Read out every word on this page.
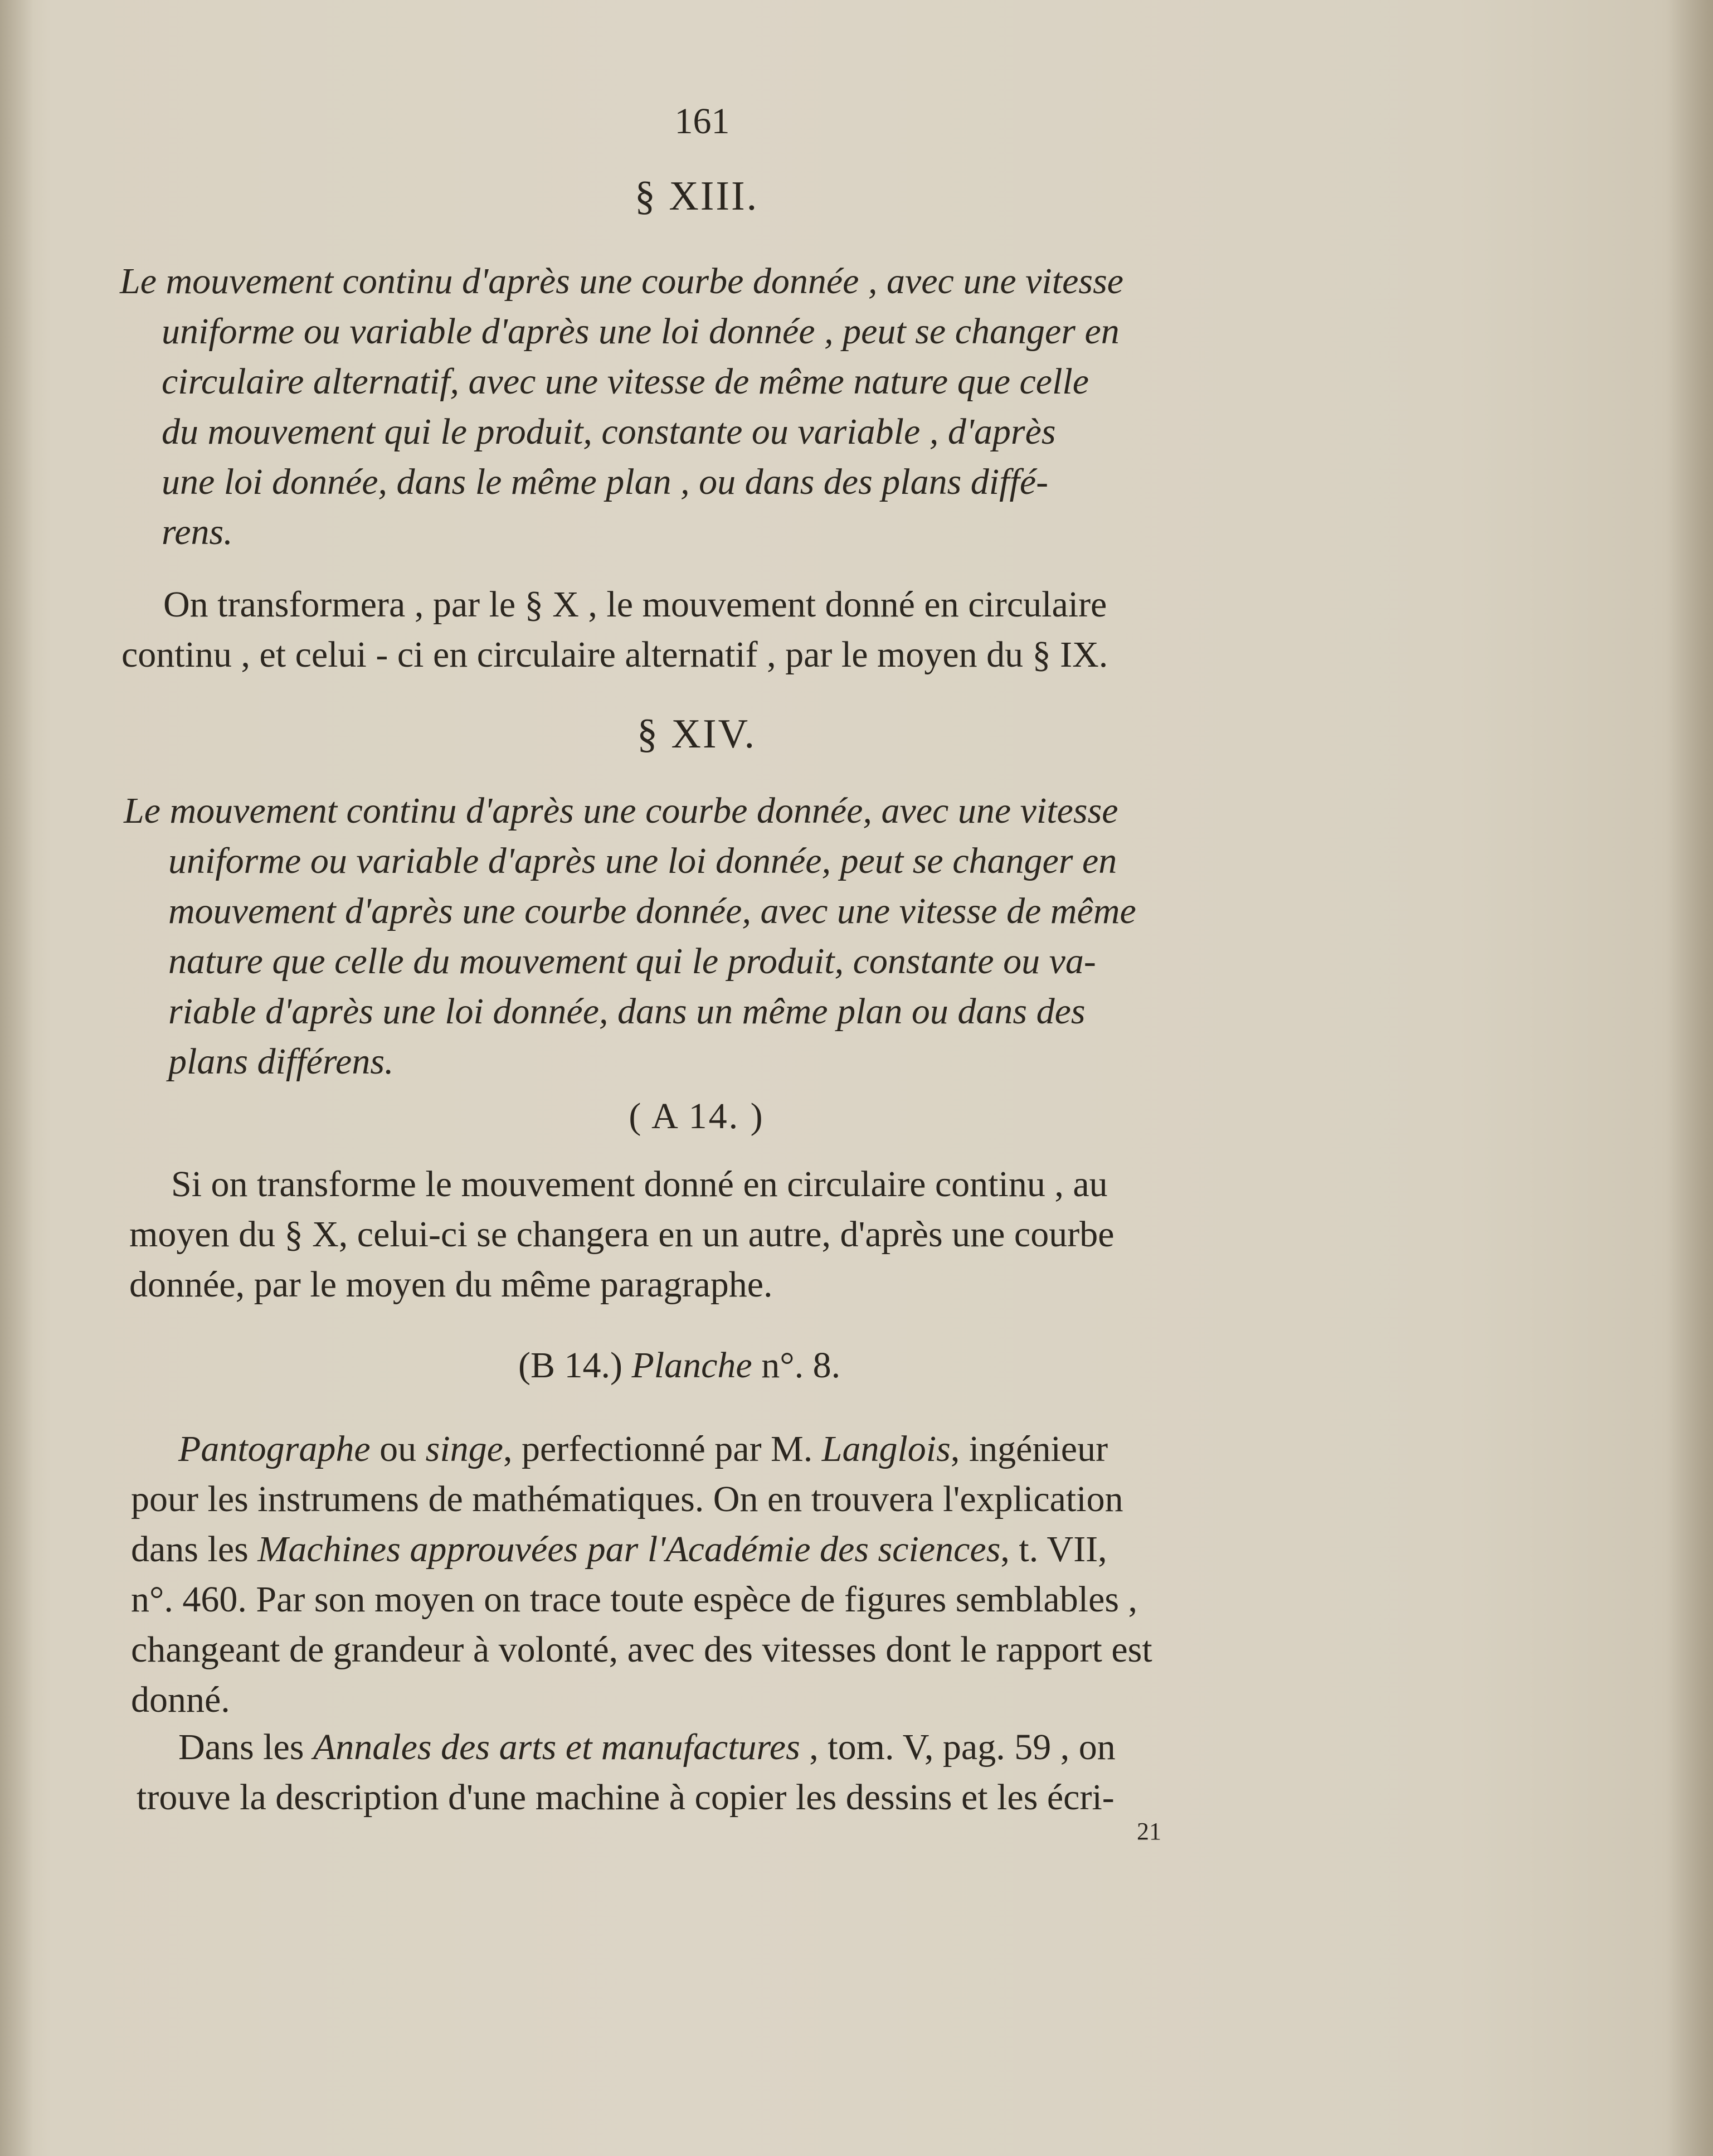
161
§ XIII.
Le mouvement continu d'après une courbe donnée , avec une vitesse
uniforme ou variable d'après une loi donnée , peut se changer en
circulaire alternatif, avec une vitesse de même nature que celle
du mouvement qui le produit, constante ou variable , d'après
une loi donnée, dans le même plan , ou dans des plans diffé-
rens.
On transformera , par le § X , le mouvement donné en circulaire
continu , et celui - ci en circulaire alternatif , par le moyen du § IX.
§ XIV.
Le mouvement continu d'après une courbe donnée, avec une vitesse
uniforme ou variable d'après une loi donnée, peut se changer en
mouvement d'après une courbe donnée, avec une vitesse de même
nature que celle du mouvement qui le produit, constante ou va-
riable d'après une loi donnée, dans un même plan ou dans des
plans différens.
( A 14. )
Si on transforme le mouvement donné en circulaire continu , au
moyen du § X, celui-ci se changera en un autre, d'après une courbe
donnée, par le moyen du même paragraphe.
(B 14.) Planche n°. 8.
Pantographe ou singe, perfectionné par M. Langlois, ingénieur
pour les instrumens de mathématiques. On en trouvera l'explication
dans les Machines approuvées par l'Académie des sciences, t. VII,
n°. 460. Par son moyen on trace toute espèce de figures semblables ,
changeant de grandeur à volonté, avec des vitesses dont le rapport est
donné.
Dans les Annales des arts et manufactures , tom. V, pag. 59 , on
trouve la description d'une machine à copier les dessins et les écri-
21
